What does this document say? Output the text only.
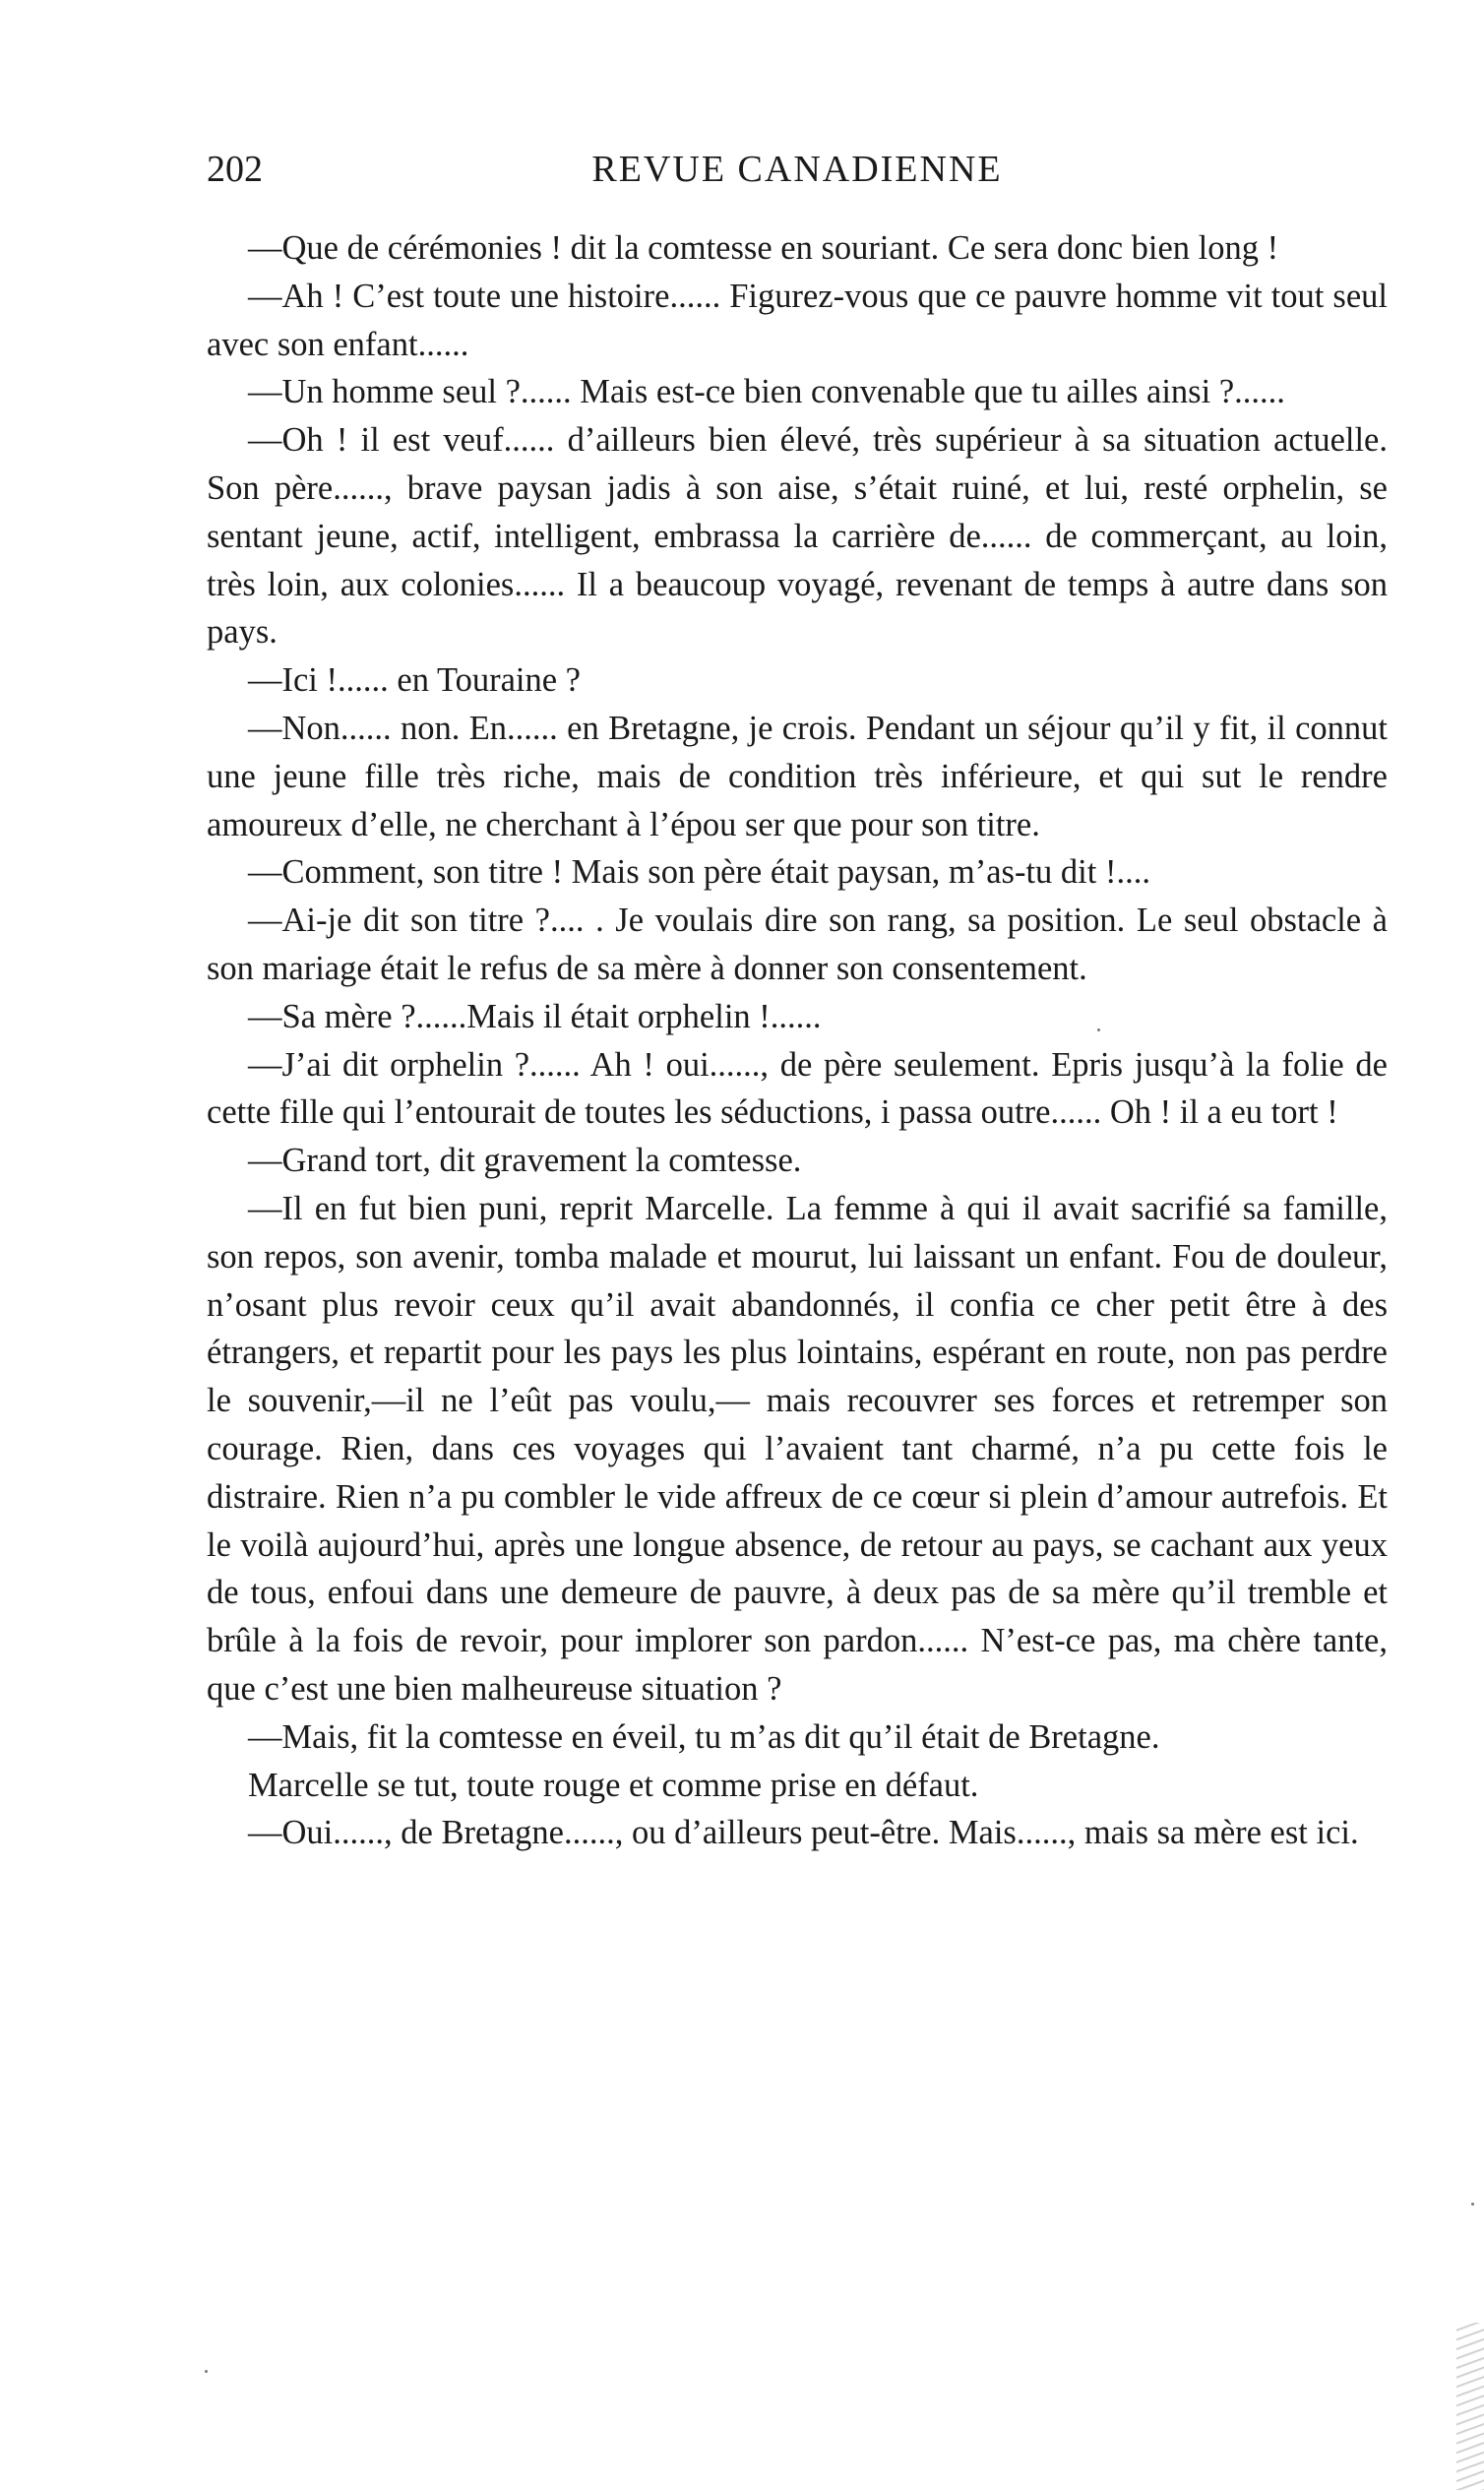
202	REVUE CANADIENNE

—Que de cérémonies ! dit la comtesse en souriant. Ce sera donc bien long !

—Ah ! C’est toute une histoire...... Figurez-vous que ce pauvre homme vit tout seul avec son enfant......

—Un homme seul ?...... Mais est-ce bien convenable que tu ailles ainsi ?......

—Oh ! il est veuf...... d’ailleurs bien élevé, très supérieur à sa situation actuelle. Son père......, brave paysan jadis à son aise, s’était ruiné, et lui, resté orphelin, se sentant jeune, actif, intelligent, embrassa la carrière de...... de commerçant, au loin, très loin, aux colonies...... Il a beaucoup voyagé, revenant de temps à autre dans son pays.

—Ici !...... en Touraine ?

—Non...... non. En...... en Bretagne, je crois. Pendant un séjour qu’il y fit, il connut une jeune fille très riche, mais de condition très inférieure, et qui sut le rendre amoureux d’elle, ne cherchant à l’épou ser que pour son titre.

—Comment, son titre ! Mais son père était paysan, m’as-tu dit !....

—Ai-je dit son titre ?.... . Je voulais dire son rang, sa position. Le seul obstacle à son mariage était le refus de sa mère à donner son consentement.

—Sa mère ?......Mais il était orphelin !......

—J’ai dit orphelin ?...... Ah ! oui......, de père seulement. Epris jusqu’à la folie de cette fille qui l’entourait de toutes les séductions, i passa outre...... Oh ! il a eu tort !

—Grand tort, dit gravement la comtesse.

—Il en fut bien puni, reprit Marcelle. La femme à qui il avait sacrifié sa famille, son repos, son avenir, tomba malade et mourut, lui laissant un enfant. Fou de douleur, n’osant plus revoir ceux qu’il avait abandonnés, il confia ce cher petit être à des étrangers, et repartit pour les pays les plus lointains, espérant en route, non pas perdre le souvenir,—il ne l’eût pas voulu,— mais recouvrer ses forces et retremper son courage. Rien, dans ces voyages qui l’avaient tant charmé, n’a pu cette fois le distraire. Rien n’a pu combler le vide affreux de ce cœur si plein d’amour autrefois. Et le voilà aujourd’hui, après une longue absence, de retour au pays, se cachant aux yeux de tous, enfoui dans une demeure de pauvre, à deux pas de sa mère qu’il tremble et brûle à la fois de revoir, pour implorer son pardon...... N’est-ce pas, ma chère tante, que c’est une bien malheureuse situation ?

—Mais, fit la comtesse en éveil, tu m’as dit qu’il était de Bretagne.

Marcelle se tut, toute rouge et comme prise en défaut.

—Oui......, de Bretagne......, ou d’ailleurs peut-être. Mais......, mais sa mère est ici.
